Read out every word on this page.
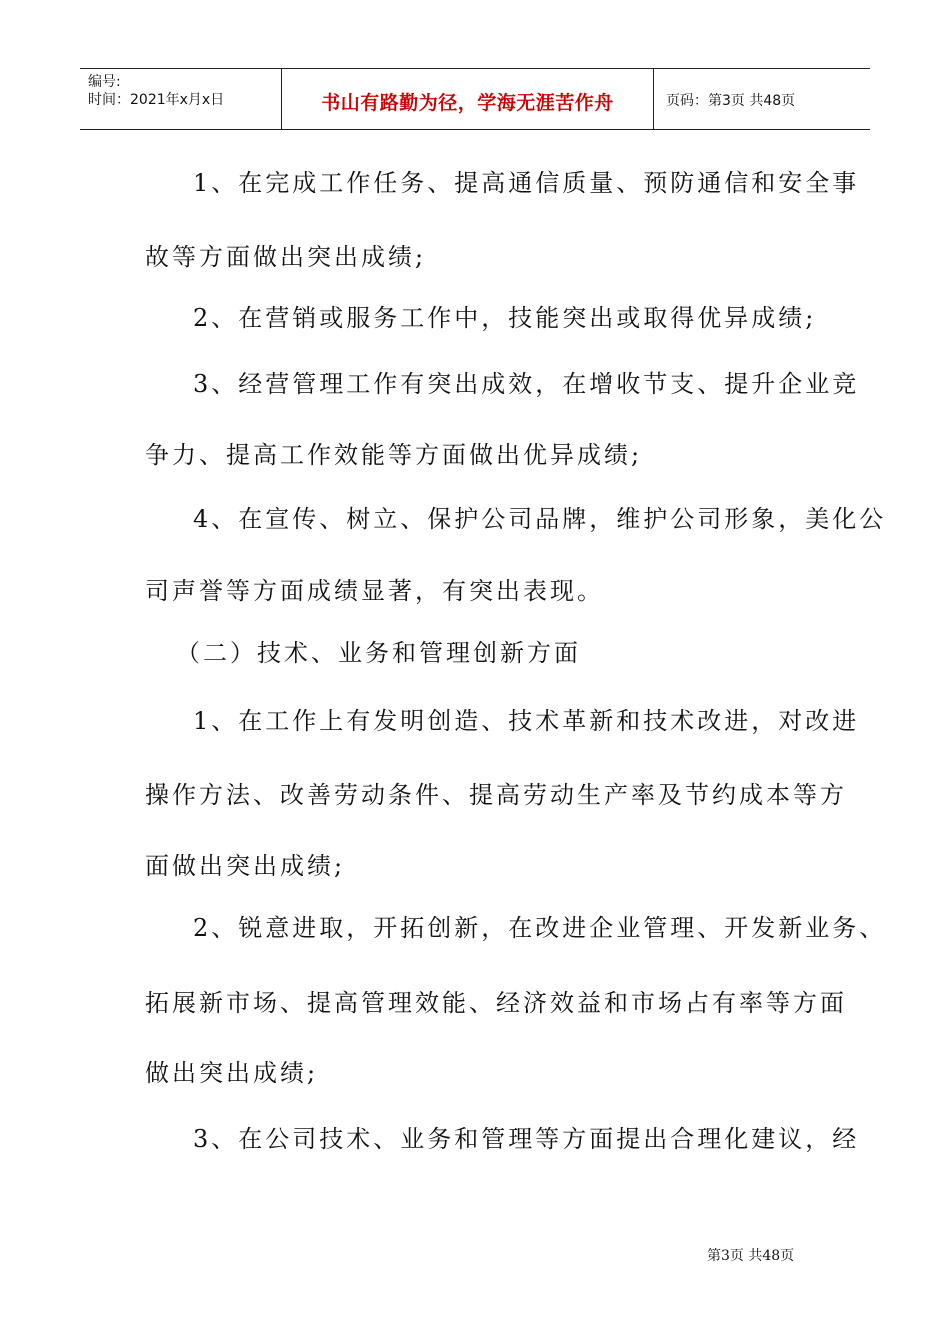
编号:
时间：2021年x月x日	书山有路勤为径，学海无涯苦作舟	页码：第3页 共48页
1、在完成工作任务、提高通信质量、预防通信和安全事
故等方面做出突出成绩;
2、在营销或服务工作中，技能突出或取得优异成绩;
3、经营管理工作有突出成效，在增收节支、提升企业竞
争力、提高工作效能等方面做出优异成绩;
4、在宣传、树立、保护公司品牌，维护公司形象，美化公
司声誉等方面成绩显著，有突出表现。
（二）技术、业务和管理创新方面
1、在工作上有发明创造、技术革新和技术改进，对改进
操作方法、改善劳动条件、提高劳动生产率及节约成本等方
面做出突出成绩;
2、锐意进取，开拓创新，在改进企业管理、开发新业务、
拓展新市场、提高管理效能、经济效益和市场占有率等方面
做出突出成绩;
3、在公司技术、业务和管理等方面提出合理化建议，经
第3页 共48页
